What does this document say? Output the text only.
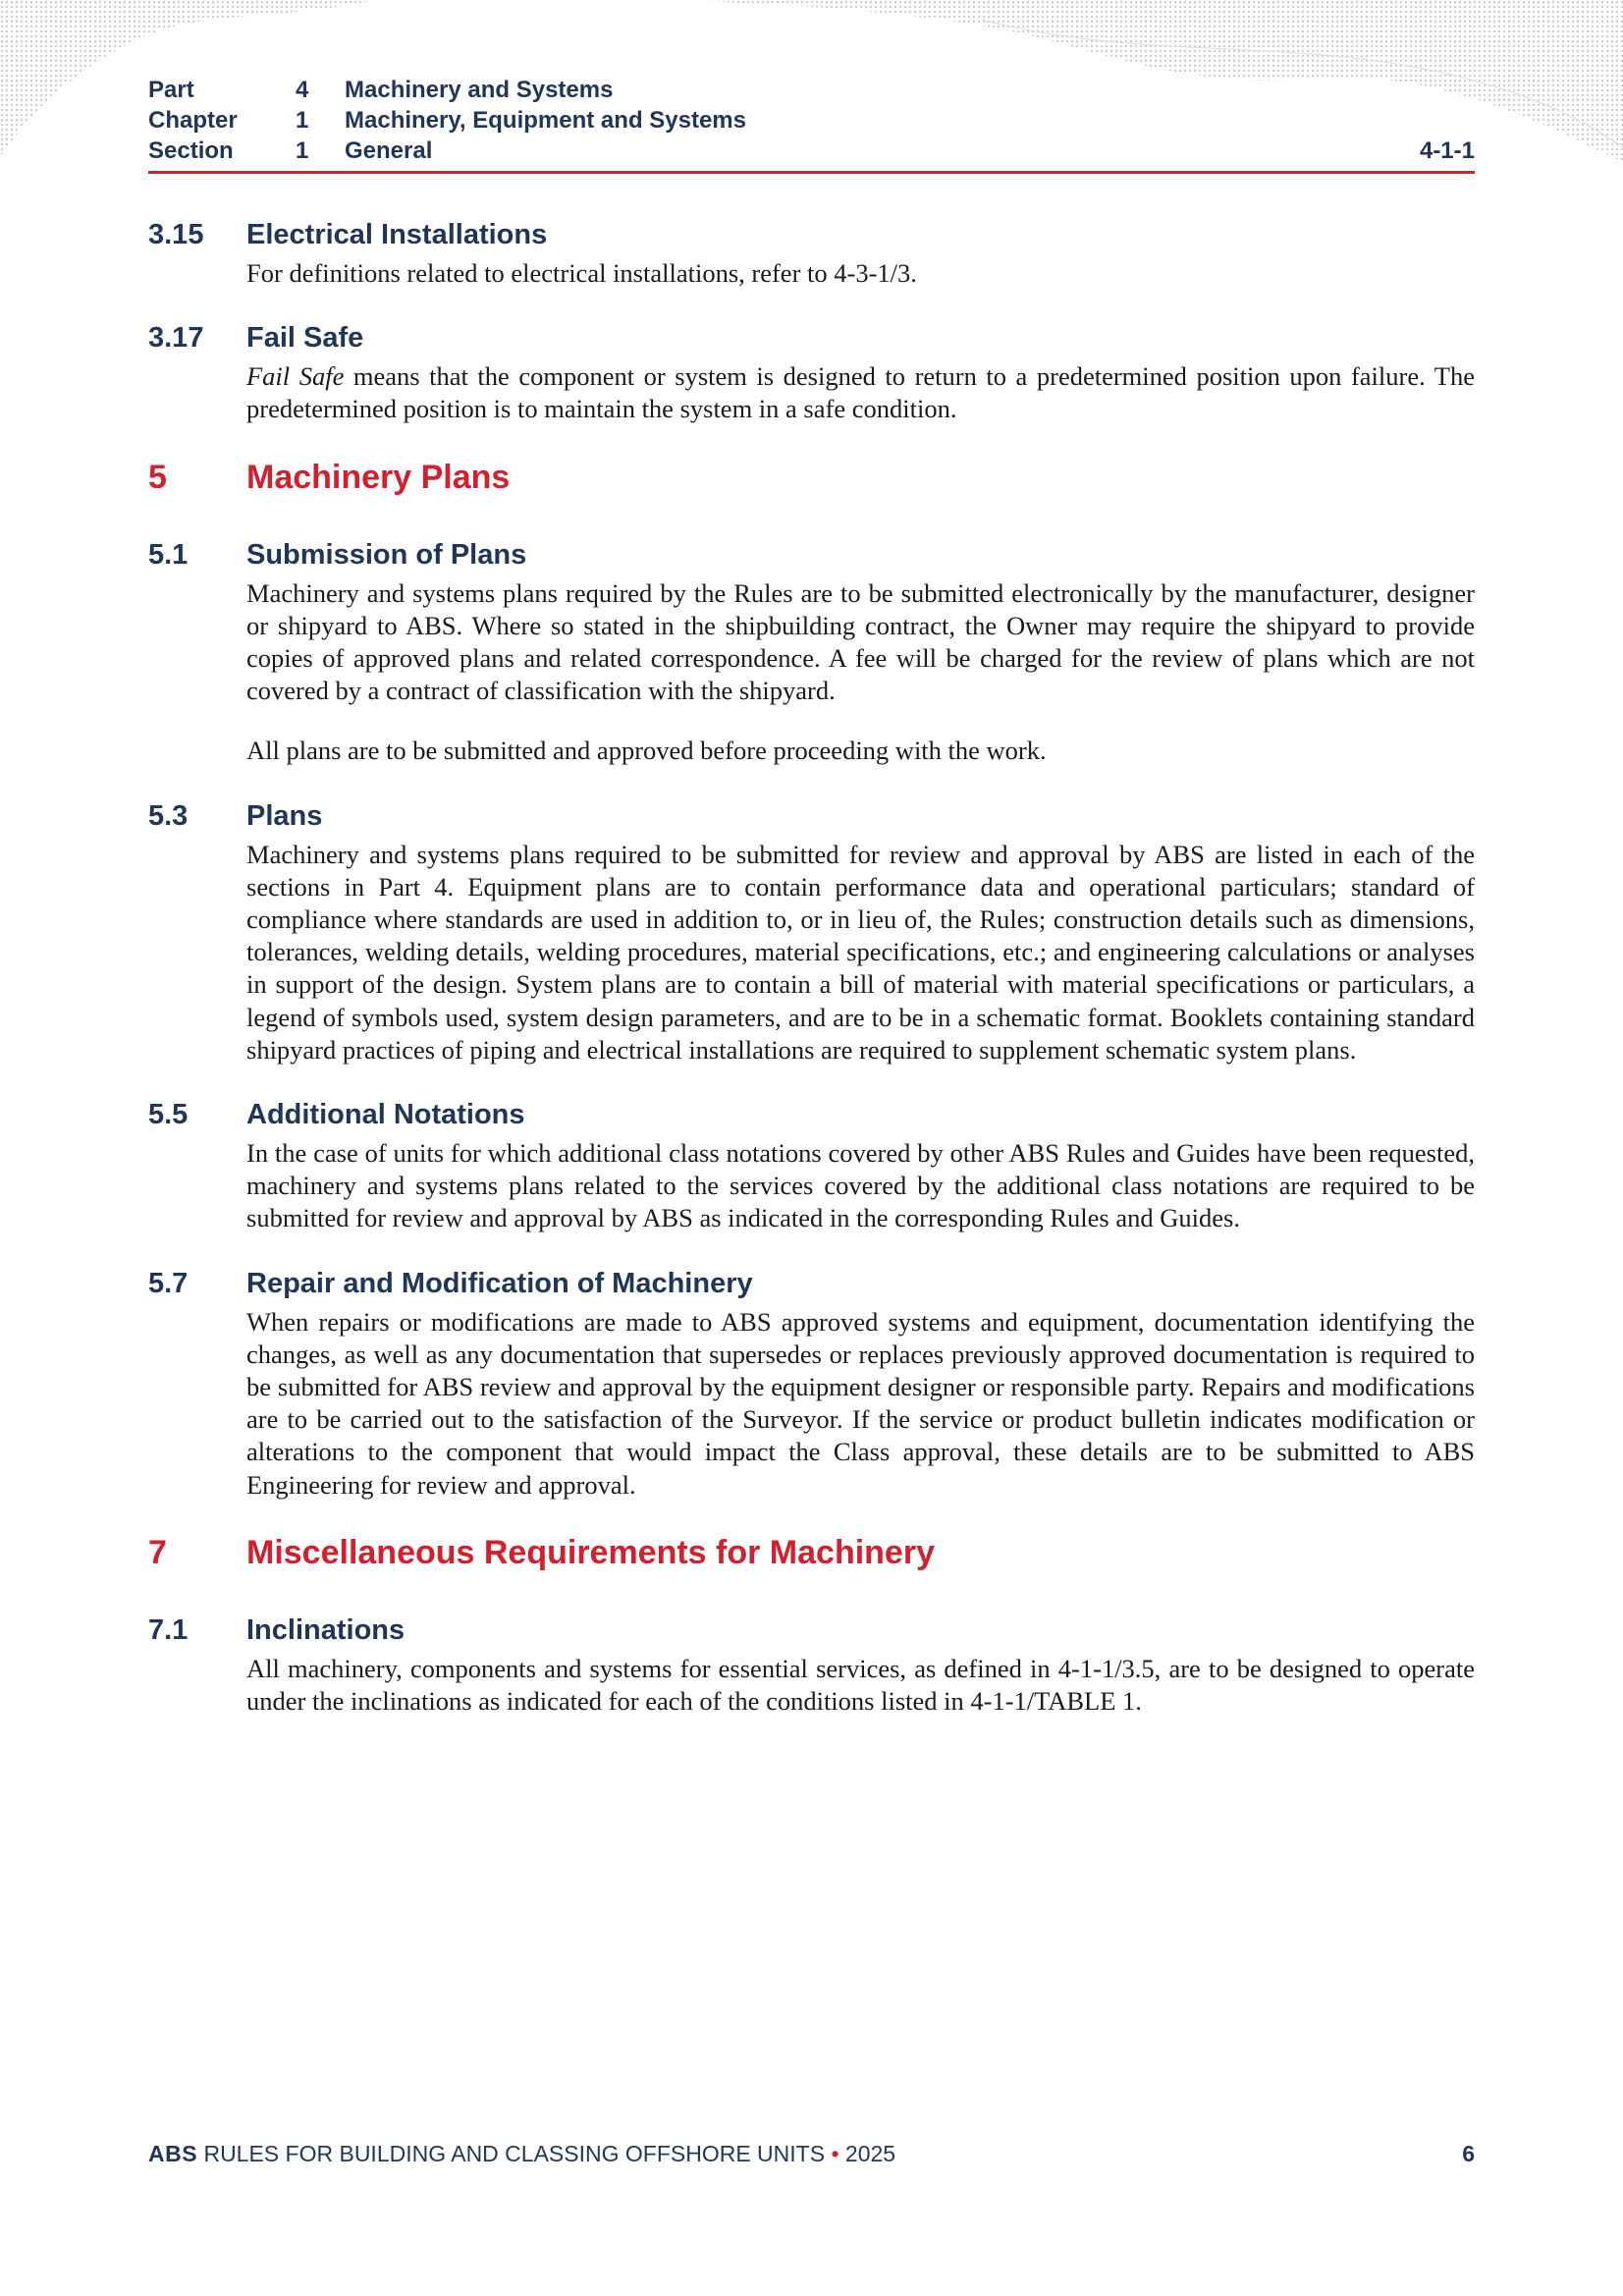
Part	4	Machinery and Systems
Chapter	1	Machinery, Equipment and Systems
Section	1	General	4-1-1
3.15	Electrical Installations
For definitions related to electrical installations, refer to 4-3-1/3.
3.17	Fail Safe
Fail Safe means that the component or system is designed to return to a predetermined position upon failure. The predetermined position is to maintain the system in a safe condition.
5	Machinery Plans
5.1	Submission of Plans
Machinery and systems plans required by the Rules are to be submitted electronically by the manufacturer, designer or shipyard to ABS. Where so stated in the shipbuilding contract, the Owner may require the shipyard to provide copies of approved plans and related correspondence. A fee will be charged for the review of plans which are not covered by a contract of classification with the shipyard.
All plans are to be submitted and approved before proceeding with the work.
5.3	Plans
Machinery and systems plans required to be submitted for review and approval by ABS are listed in each of the sections in Part 4. Equipment plans are to contain performance data and operational particulars; standard of compliance where standards are used in addition to, or in lieu of, the Rules; construction details such as dimensions, tolerances, welding details, welding procedures, material specifications, etc.; and engineering calculations or analyses in support of the design. System plans are to contain a bill of material with material specifications or particulars, a legend of symbols used, system design parameters, and are to be in a schematic format. Booklets containing standard shipyard practices of piping and electrical installations are required to supplement schematic system plans.
5.5	Additional Notations
In the case of units for which additional class notations covered by other ABS Rules and Guides have been requested, machinery and systems plans related to the services covered by the additional class notations are required to be submitted for review and approval by ABS as indicated in the corresponding Rules and Guides.
5.7	Repair and Modification of Machinery
When repairs or modifications are made to ABS approved systems and equipment, documentation identifying the changes, as well as any documentation that supersedes or replaces previously approved documentation is required to be submitted for ABS review and approval by the equipment designer or responsible party. Repairs and modifications are to be carried out to the satisfaction of the Surveyor. If the service or product bulletin indicates modification or alterations to the component that would impact the Class approval, these details are to be submitted to ABS Engineering for review and approval.
7	Miscellaneous Requirements for Machinery
7.1	Inclinations
All machinery, components and systems for essential services, as defined in 4-1-1/3.5, are to be designed to operate under the inclinations as indicated for each of the conditions listed in 4-1-1/TABLE 1.
ABS RULES FOR BUILDING AND CLASSING OFFSHORE UNITS • 2025	6
